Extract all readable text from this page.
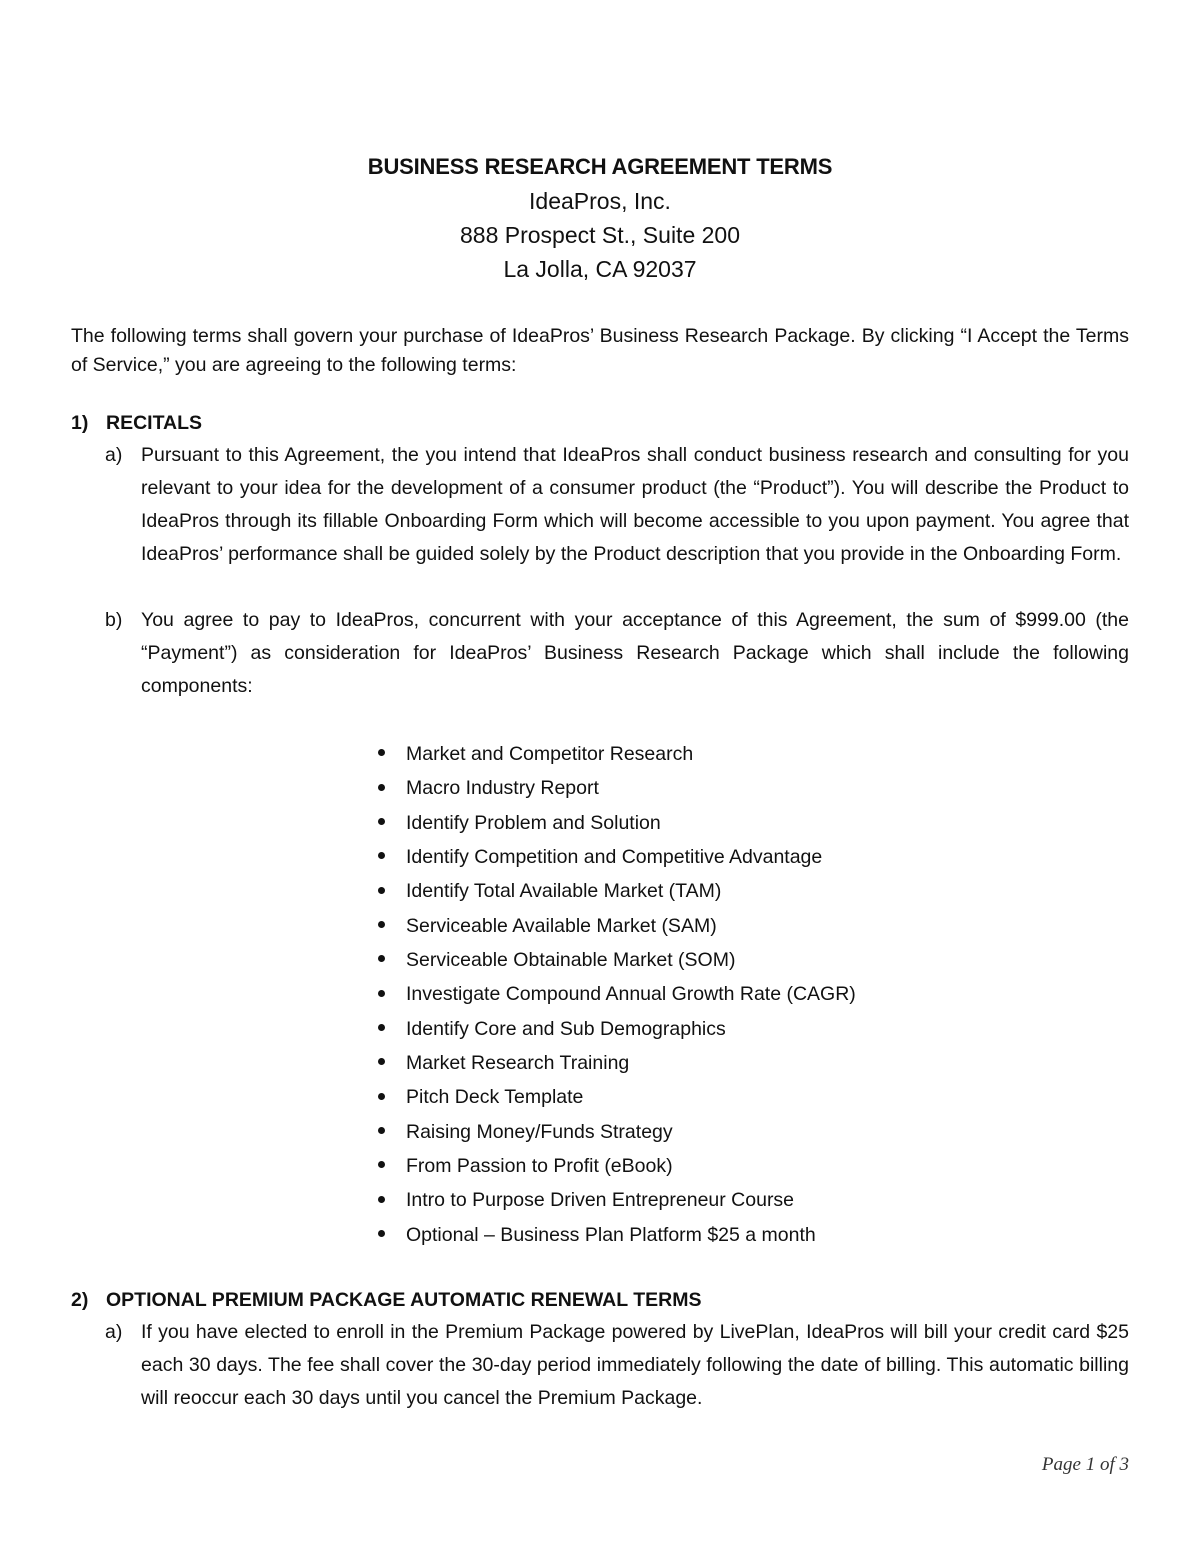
BUSINESS RESEARCH AGREEMENT TERMS
IdeaPros, Inc.
888 Prospect St., Suite 200
La Jolla, CA 92037
The following terms shall govern your purchase of IdeaPros’ Business Research Package. By clicking “I Accept the Terms of Service,” you are agreeing to the following terms:
1) RECITALS
a) Pursuant to this Agreement, the you intend that IdeaPros shall conduct business research and consulting for you relevant to your idea for the development of a consumer product (the “Product”). You will describe the Product to IdeaPros through its fillable Onboarding Form which will become accessible to you upon payment. You agree that IdeaPros’ performance shall be guided solely by the Product description that you provide in the Onboarding Form.
b) You agree to pay to IdeaPros, concurrent with your acceptance of this Agreement, the sum of $999.00 (the “Payment”) as consideration for IdeaPros’ Business Research Package which shall include the following components:
Market and Competitor Research
Macro Industry Report
Identify Problem and Solution
Identify Competition and Competitive Advantage
Identify Total Available Market (TAM)
Serviceable Available Market (SAM)
Serviceable Obtainable Market (SOM)
Investigate Compound Annual Growth Rate (CAGR)
Identify Core and Sub Demographics
Market Research Training
Pitch Deck Template
Raising Money/Funds Strategy
From Passion to Profit (eBook)
Intro to Purpose Driven Entrepreneur Course
Optional – Business Plan Platform $25 a month
2) OPTIONAL PREMIUM PACKAGE AUTOMATIC RENEWAL TERMS
a) If you have elected to enroll in the Premium Package powered by LivePlan, IdeaPros will bill your credit card $25 each 30 days. The fee shall cover the 30-day period immediately following the date of billing. This automatic billing will reoccur each 30 days until you cancel the Premium Package.
Page 1 of 3
